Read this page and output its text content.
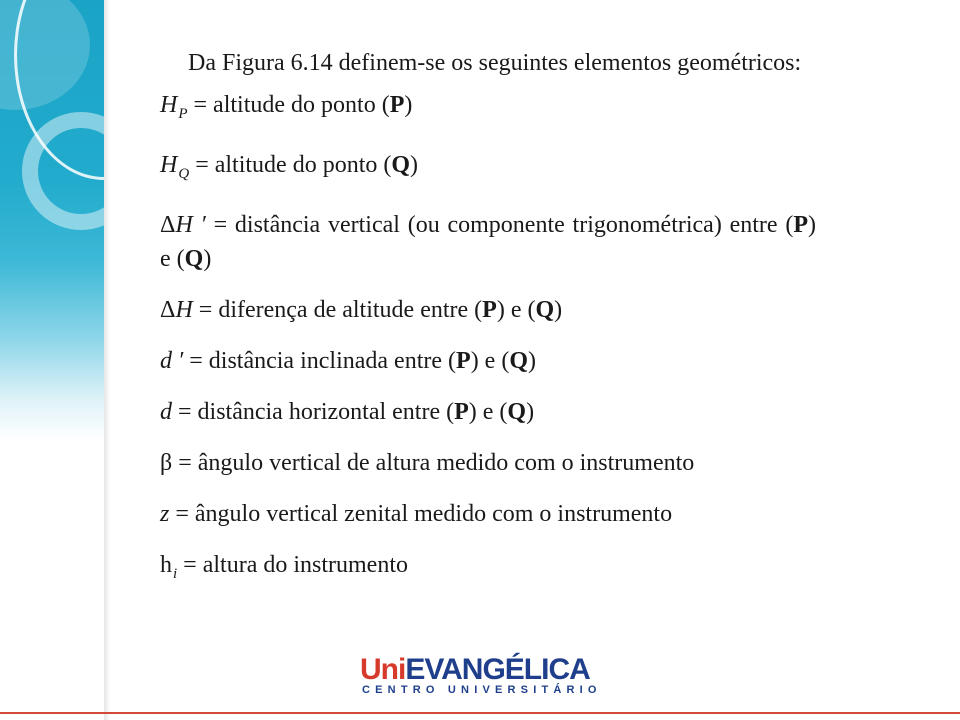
Da Figura 6.14 definem-se os seguintes elementos geométricos:

$H_P$ = altitude do ponto (P)

$H_Q$ = altitude do ponto (Q)

ΔH ′ = distância vertical (ou componente trigonométrica) entre (P) e (Q)

ΔH = diferença de altitude entre (P) e (Q)

d ′ = distância inclinada entre (P) e (Q)

d = distância horizontal entre (P) e (Q)

β = ângulo vertical de altura medido com o instrumento

z = ângulo vertical zenital medido com o instrumento

$h_i$ = altura do instrumento

UniEVANGÉLICA
CENTRO UNIVERSITÁRIO
